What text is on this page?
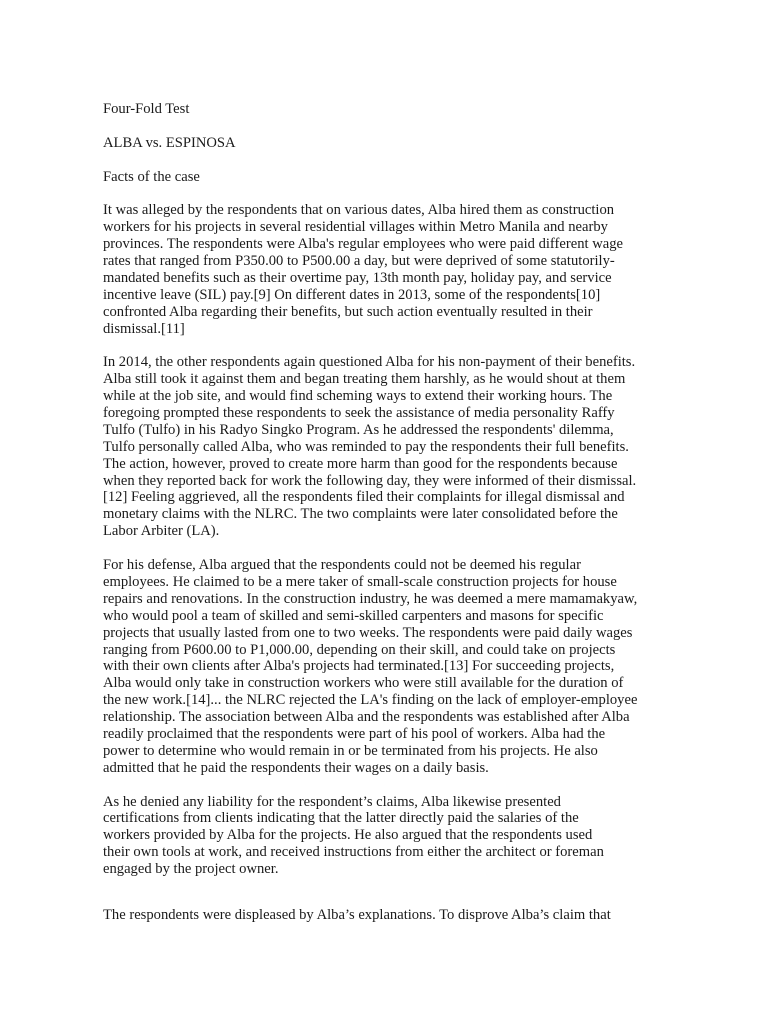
Four-Fold Test
ALBA vs. ESPINOSA
Facts of the case
It was alleged by the respondents that on various dates, Alba hired them as construction
workers for his projects in several residential villages within Metro Manila and nearby
provinces. The respondents were Alba's regular employees who were paid different wage
rates that ranged from P350.00 to P500.00 a day, but were deprived of some statutorily-
mandated benefits such as their overtime pay, 13th month pay, holiday pay, and service
incentive leave (SIL) pay.[9] On different dates in 2013, some of the respondents[10]
confronted Alba regarding their benefits, but such action eventually resulted in their
dismissal.[11]
In 2014, the other respondents again questioned Alba for his non-payment of their benefits.
Alba still took it against them and began treating them harshly, as he would shout at them
while at the job site, and would find scheming ways to extend their working hours. The
foregoing prompted these respondents to seek the assistance of media personality Raffy
Tulfo (Tulfo) in his Radyo Singko Program. As he addressed the respondents' dilemma,
Tulfo personally called Alba, who was reminded to pay the respondents their full benefits.
The action, however, proved to create more harm than good for the respondents because
when they reported back for work the following day, they were informed of their dismissal.
[12] Feeling aggrieved, all the respondents filed their complaints for illegal dismissal and
monetary claims with the NLRC. The two complaints were later consolidated before the
Labor Arbiter (LA).
For his defense, Alba argued that the respondents could not be deemed his regular
employees. He claimed to be a mere taker of small-scale construction projects for house
repairs and renovations. In the construction industry, he was deemed a mere mamamakyaw,
who would pool a team of skilled and semi-skilled carpenters and masons for specific
projects that usually lasted from one to two weeks. The respondents were paid daily wages
ranging from P600.00 to P1,000.00, depending on their skill, and could take on projects
with their own clients after Alba's projects had terminated.[13] For succeeding projects,
Alba would only take in construction workers who were still available for the duration of
the new work.[14]... the NLRC rejected the LA's finding on the lack of employer-employee
relationship. The association between Alba and the respondents was established after Alba
readily proclaimed that the respondents were part of his pool of workers. Alba had the
power to determine who would remain in or be terminated from his projects. He also
admitted that he paid the respondents their wages on a daily basis.
As he denied any liability for the respondent’s claims, Alba likewise presented
certifications from clients indicating that the latter directly paid the salaries of the
workers provided by Alba for the projects. He also argued that the respondents used
their own tools at work, and received instructions from either the architect or foreman
engaged by the project owner.
The respondents were displeased by Alba’s explanations. To disprove Alba’s claim that
